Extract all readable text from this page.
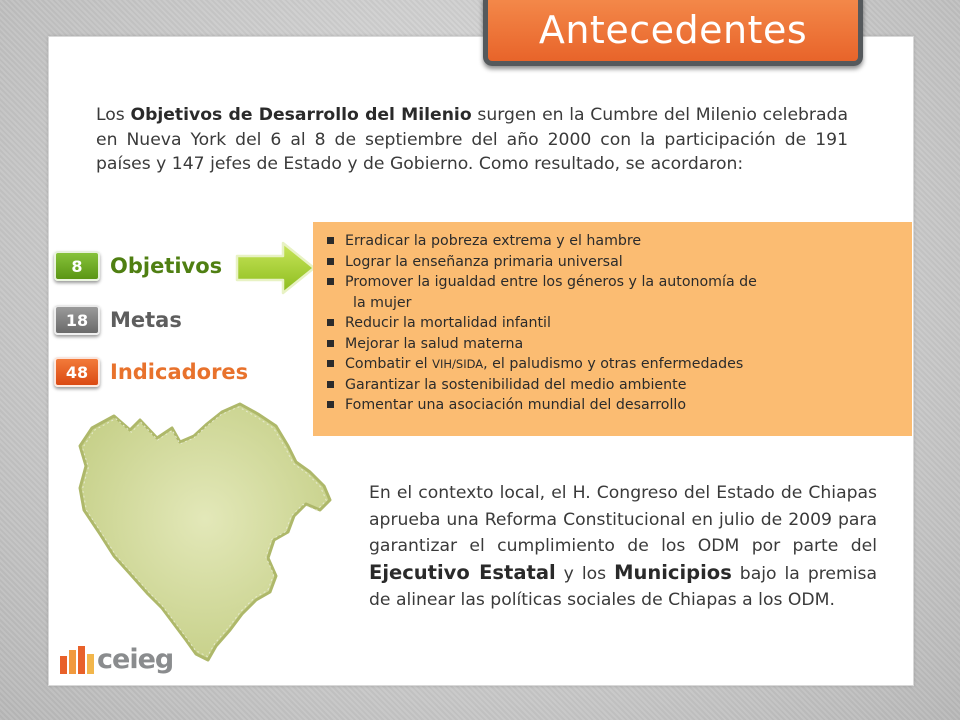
Antecedentes

Los Objetivos de Desarrollo del Milenio surgen en la Cumbre del Milenio celebrada en Nueva York del 6 al 8 de septiembre del año 2000 con la participación de 191 países y 147 jefes de Estado y de Gobierno. Como resultado, se acordaron:

8	Objetivos
18	Metas
48	Indicadores
Erradicar la pobreza extrema y el hambre
Lograr la enseñanza primaria universal
Promover la igualdad entre los géneros y la autonomía de
la mujer
Reducir la mortalidad infantil
Mejorar la salud materna
Combatir el VIH/SIDA, el paludismo y otras enfermedades
Garantizar la sostenibilidad del medio ambiente
Fomentar una asociación mundial del desarrollo

En el contexto local, el H. Congreso del Estado de Chiapas aprueba una Reforma Constitucional en julio de 2009 para garantizar el cumplimiento de los ODM por parte del Ejecutivo Estatal y los Municipios bajo la premisa de alinear las políticas sociales de Chiapas a los ODM.

ceieg
